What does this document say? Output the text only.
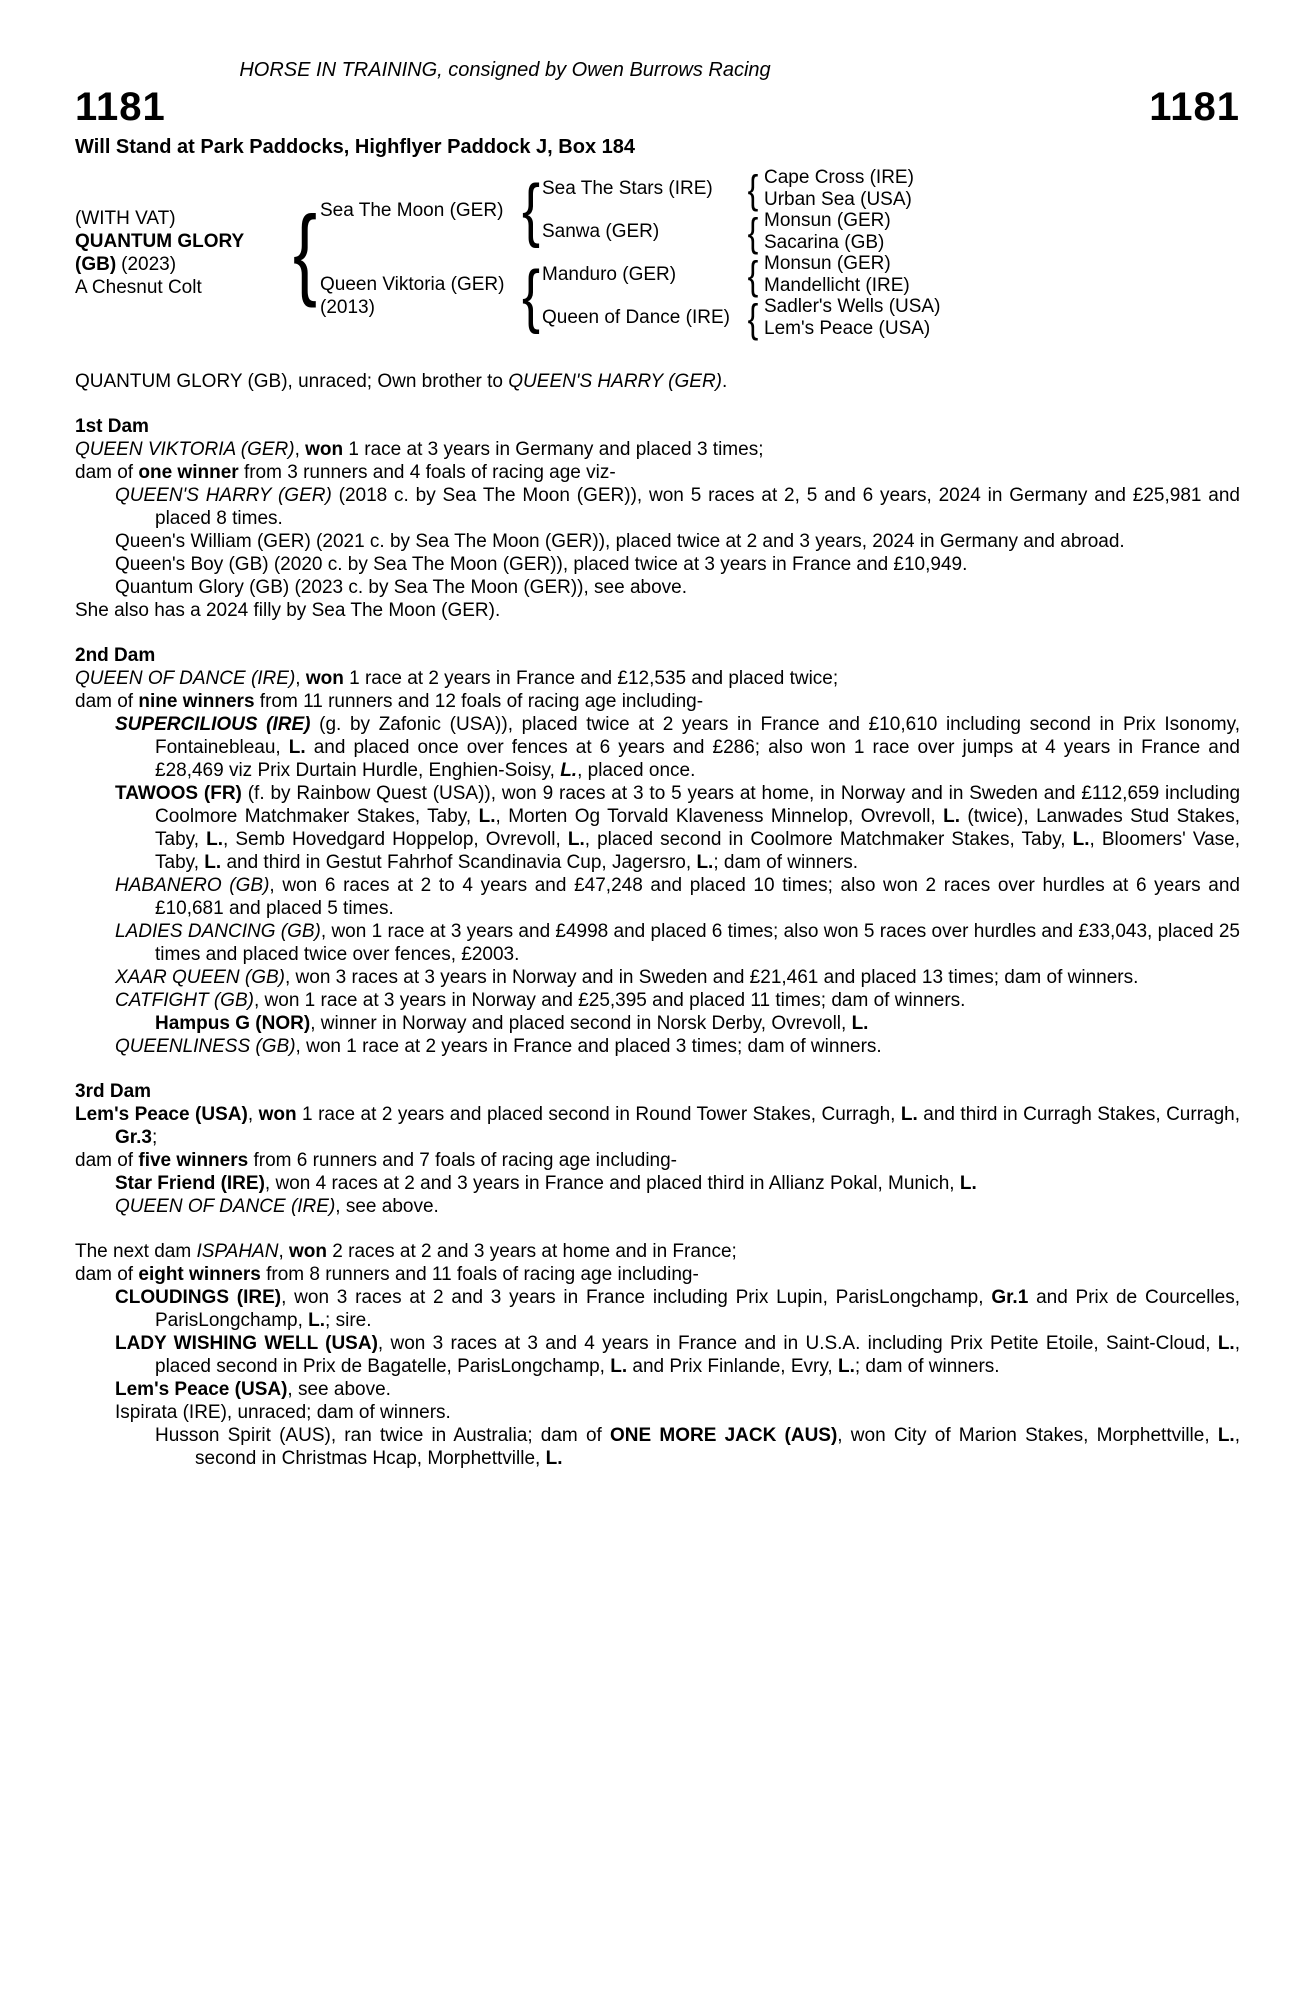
HORSE IN TRAINING, consigned by Owen Burrows Racing
1181	1181
Will Stand at Park Paddocks, Highflyer Paddock J, Box 184
(WITH VAT)
QUANTUM GLORY
(GB) (2023)
A Chesnut Colt	{ Sea The Moon (GER)
Queen Viktoria (GER)
(2013)
{
{
Sea The Stars (IRE)
Sanwa (GER)
Manduro (GER)
Queen of Dance (IRE)
{
{
{
{
Cape Cross (IRE)
Urban Sea (USA)
Monsun (GER)
Sacarina (GB)
Monsun (GER)
Mandellicht (IRE)
Sadler's Wells (USA)
Lem's Peace (USA)
QUANTUM GLORY (GB), unraced; Own brother to QUEEN'S HARRY (GER).
1st Dam
QUEEN VIKTORIA (GER), won 1 race at 3 years in Germany and placed 3 times;
dam of one winner from 3 runners and 4 foals of racing age viz-
QUEEN'S HARRY (GER) (2018 c. by Sea The Moon (GER)), won 5 races at 2, 5 and 6 years, 2024 in Germany and £25,981 and placed 8 times.
Queen's William (GER) (2021 c. by Sea The Moon (GER)), placed twice at 2 and 3 years, 2024 in Germany and abroad.
Queen's Boy (GB) (2020 c. by Sea The Moon (GER)), placed twice at 3 years in France and £10,949.
Quantum Glory (GB) (2023 c. by Sea The Moon (GER)), see above.
She also has a 2024 filly by Sea The Moon (GER).
2nd Dam
QUEEN OF DANCE (IRE), won 1 race at 2 years in France and £12,535 and placed twice;
dam of nine winners from 11 runners and 12 foals of racing age including-
SUPERCILIOUS (IRE) (g. by Zafonic (USA)), placed twice at 2 years in France and £10,610 including second in Prix Isonomy, Fontainebleau, L. and placed once over fences at 6 years and £286; also won 1 race over jumps at 4 years in France and £28,469 viz Prix Durtain Hurdle, Enghien-Soisy, L., placed once.
TAWOOS (FR) (f. by Rainbow Quest (USA)), won 9 races at 3 to 5 years at home, in Norway and in Sweden and £112,659 including Coolmore Matchmaker Stakes, Taby, L., Morten Og Torvald Klaveness Minnelop, Ovrevoll, L. (twice), Lanwades Stud Stakes, Taby, L., Semb Hovedgard Hoppelop, Ovrevoll, L., placed second in Coolmore Matchmaker Stakes, Taby, L., Bloomers' Vase, Taby, L. and third in Gestut Fahrhof Scandinavia Cup, Jagersro, L.; dam of winners.
HABANERO (GB), won 6 races at 2 to 4 years and £47,248 and placed 10 times; also won 2 races over hurdles at 6 years and £10,681 and placed 5 times.
LADIES DANCING (GB), won 1 race at 3 years and £4998 and placed 6 times; also won 5 races over hurdles and £33,043, placed 25 times and placed twice over fences, £2003.
XAAR QUEEN (GB), won 3 races at 3 years in Norway and in Sweden and £21,461 and placed 13 times; dam of winners.
CATFIGHT (GB), won 1 race at 3 years in Norway and £25,395 and placed 11 times; dam of winners.
Hampus G (NOR), winner in Norway and placed second in Norsk Derby, Ovrevoll, L.
QUEENLINESS (GB), won 1 race at 2 years in France and placed 3 times; dam of winners.
3rd Dam
Lem's Peace (USA), won 1 race at 2 years and placed second in Round Tower Stakes, Curragh, L. and third in Curragh Stakes, Curragh, Gr.3;
dam of five winners from 6 runners and 7 foals of racing age including-
Star Friend (IRE), won 4 races at 2 and 3 years in France and placed third in Allianz Pokal, Munich, L.
QUEEN OF DANCE (IRE), see above.
The next dam ISPAHAN, won 2 races at 2 and 3 years at home and in France;
dam of eight winners from 8 runners and 11 foals of racing age including-
CLOUDINGS (IRE), won 3 races at 2 and 3 years in France including Prix Lupin, ParisLongchamp, Gr.1 and Prix de Courcelles, ParisLongchamp, L.; sire.
LADY WISHING WELL (USA), won 3 races at 3 and 4 years in France and in U.S.A. including Prix Petite Etoile, Saint-Cloud, L., placed second in Prix de Bagatelle, ParisLongchamp, L. and Prix Finlande, Evry, L.; dam of winners.
Lem's Peace (USA), see above.
Ispirata (IRE), unraced; dam of winners.
Husson Spirit (AUS), ran twice in Australia; dam of ONE MORE JACK (AUS), won City of Marion Stakes, Morphettville, L., second in Christmas Hcap, Morphettville, L.
